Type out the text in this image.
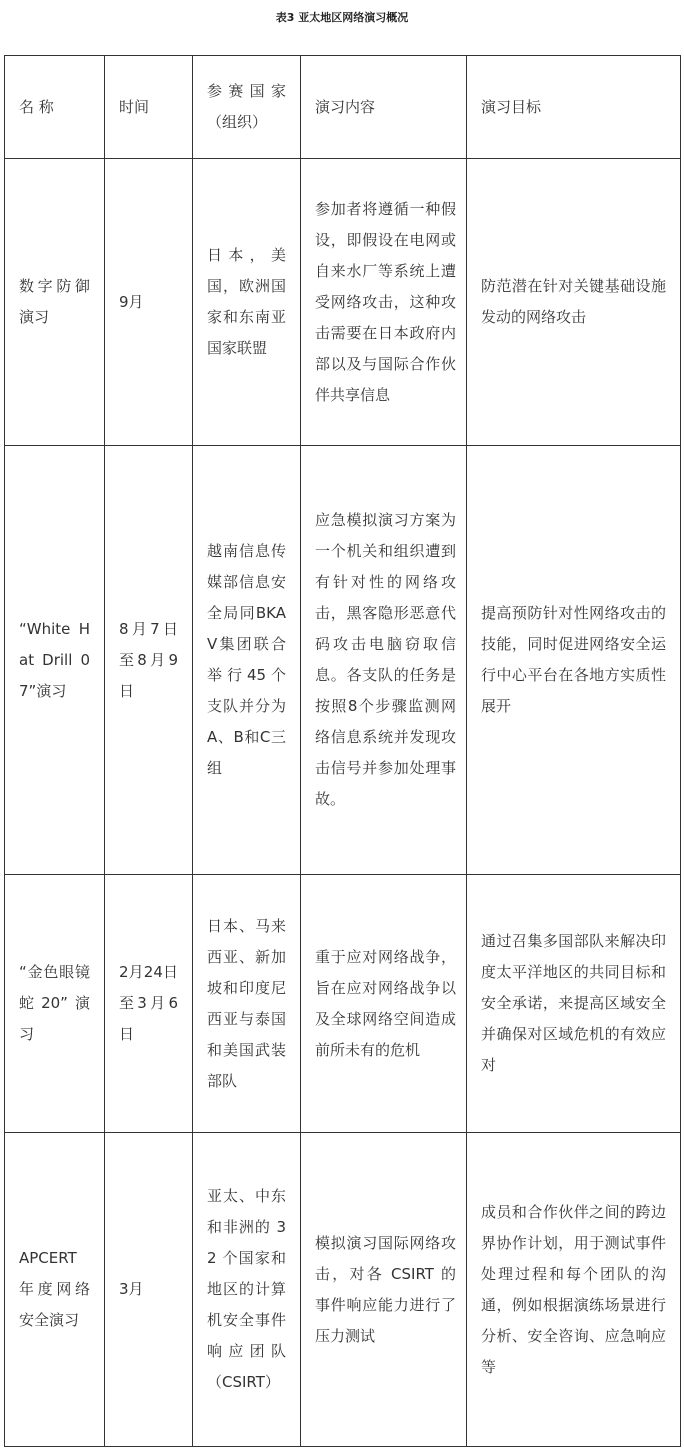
表3 亚太地区网络演习概况
名 称	时间	参赛国家（组织）	演习内容	演习目标
数字防御演习	9月	日本，美国，欧洲国家和东南亚国家联盟	参加者将遵循一种假设，即假设在电网或自来水厂等系统上遭受网络攻击，这种攻击需要在日本政府内部以及与国际合作伙伴共享信息	防范潜在针对关键基础设施发动的网络攻击
“White Hat Drill 07”演习	8月7日至8月9日	越南信息传媒部信息安全局同BKAV集团联合举行45个支队并分为A、B和C三组	应急模拟演习方案为一个机关和组织遭到有针对性的网络攻击，黑客隐形恶意代码攻击电脑窃取信息。各支队的任务是按照8个步骤监测网络信息系统并发现攻击信号并参加处理事故。	提高预防针对性网络攻击的技能，同时促进网络安全运行中心平台在各地方实质性展开
“金色眼镜蛇20”演习	2月24日至3月6日	日本、马来西亚、新加坡和印度尼西亚与泰国和美国武装部队	重于应对网络战争，旨在应对网络战争以及全球网络空间造成前所未有的危机	通过召集多国部队来解决印度太平洋地区的共同目标和安全承诺，来提高区域安全并确保对区域危机的有效应对
APCERT年度网络安全演习	3月	亚太、中东和非洲的 32 个国家和地区的计算机安全事件响应团队（CSIRT）	模拟演习国际网络攻击，对各 CSIRT 的事件响应能力进行了压力测试	成员和合作伙伴之间的跨边界协作计划，用于测试事件处理过程和每个团队的沟通，例如根据演练场景进行分析、安全咨询、应急响应等
